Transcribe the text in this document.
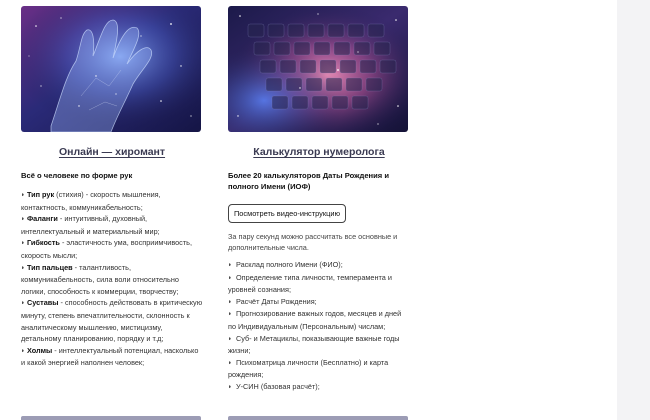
Онлайн — хиромант

Всё о человеке по форме рук

◗ Тип рук (стихия) - скорость мышления, контактность, коммуникабельность;
◗ Фаланги - интуитивный, духовный, интеллектуальный и материальный мир;
◗ Гибкость - эластичность ума, восприимчивость, скорость мысли;
◗ Тип пальцев - талантливость, коммуникабельность, сила воли относительно логики, способность к коммерции, творчеству;
◗ Суставы - способность действовать в критическую минуту, степень впечатлительности, склонность к аналитическому мышлению, мистицизму, детальному планированию, порядку и т.д;
◗ Холмы - интеллектуальный потенциал, насколько и какой энергией наполнен человек;
Калькулятор нумеролога

Более 20 калькуляторов Даты Рождения и полного Имени (ИОФ)

Посмотреть видео-инструкцию

За пару секунд можно рассчитать все основные и дополнительные числа.

◗ Расклад полного Имени (ФИО);
◗ Определение типа личности, темперамента и уровней сознания;
◗ Расчёт Даты Рождения;
◗ Прогнозирование важных годов, месяцев и дней по Индивидуальным (Персональным) числам;
◗ Суб- и Метациклы, показывающие важные годы жизни;
◗ Психоматрица личности (Бесплатно) и карта рождения;
◗ У-СИН (базовая расчёт);
